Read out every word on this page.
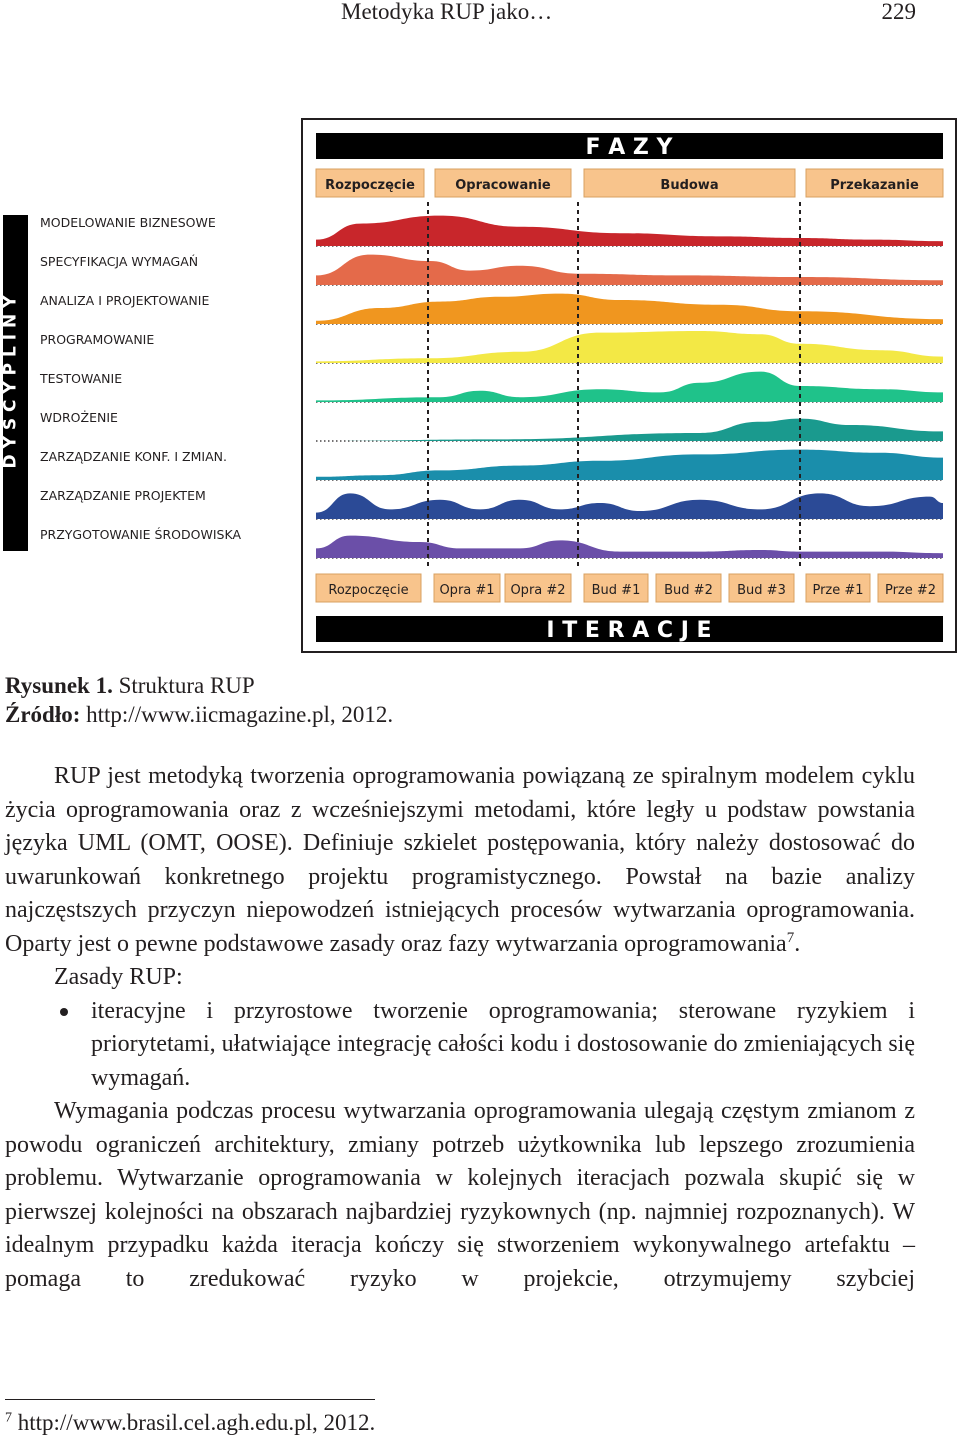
Metodyka RUP jako…	229
D Y S C Y P L I N Y
F A Z Y
Rozpoczęcie	Opracowanie	Budowa	Przekazanie
MODELOWANIE BIZNESOWE
SPECYFIKACJA WYMAGAŃ
ANALIZA I PROJEKTOWANIE
PROGRAMOWANIE
TESTOWANIE
WDROŻENIE
ZARZĄDZANIE KONF. I ZMIAN.
ZARZĄDZANIE PROJEKTEM
PRZYGOTOWANIE ŚRODOWISKA
Rozpoczęcie Opra #1 Opra #2 Bud #1 Bud #2 Bud #3 Prze #1 Prze #2
I T E R A C J E
Rysunek 1. Struktura RUP
Źródło: http://www.iicmagazine.pl, 2012.

RUP jest metodyką tworzenia oprogramowania powiązaną ze spiralnym modelem cyklu życia oprogramowania oraz z wcześniejszymi metodami, które legły u podstaw powstania języka UML (OMT, OOSE). Definiuje szkielet postępowania, który należy dostosować do uwarunkowań konkretnego projektu programistycznego. Powstał na bazie analizy najczęstszych przyczyn niepowodzeń istniejących procesów wytwarzania oprogramowania. Oparty jest o pewne podstawowe zasady oraz fazy wytwarzania oprogramowania$^7$.

Zasady RUP:

iteracyjne i przyrostowe tworzenie oprogramowania; sterowane ryzykiem i priorytetami, ułatwiające integrację całości kodu i dostosowanie do zmieniających się wymagań.

Wymagania podczas procesu wytwarzania oprogramowania ulegają częstym zmianom z powodu ograniczeń architektury, zmiany potrzeb użytkownika lub lepszego zrozumienia problemu. Wytwarzanie oprogramowania w kolejnych iteracjach pozwala skupić się w pierwszej kolejności na obszarach najbardziej ryzykownych (np. najmniej rozpoznanych). W idealnym przypadku każda iteracja kończy się stworzeniem wykonywalnego artefaktu – pomaga to zredukować ryzyko w projekcie, otrzymujemy szybciej

$^7$ http://www.brasil.cel.agh.edu.pl, 2012.
